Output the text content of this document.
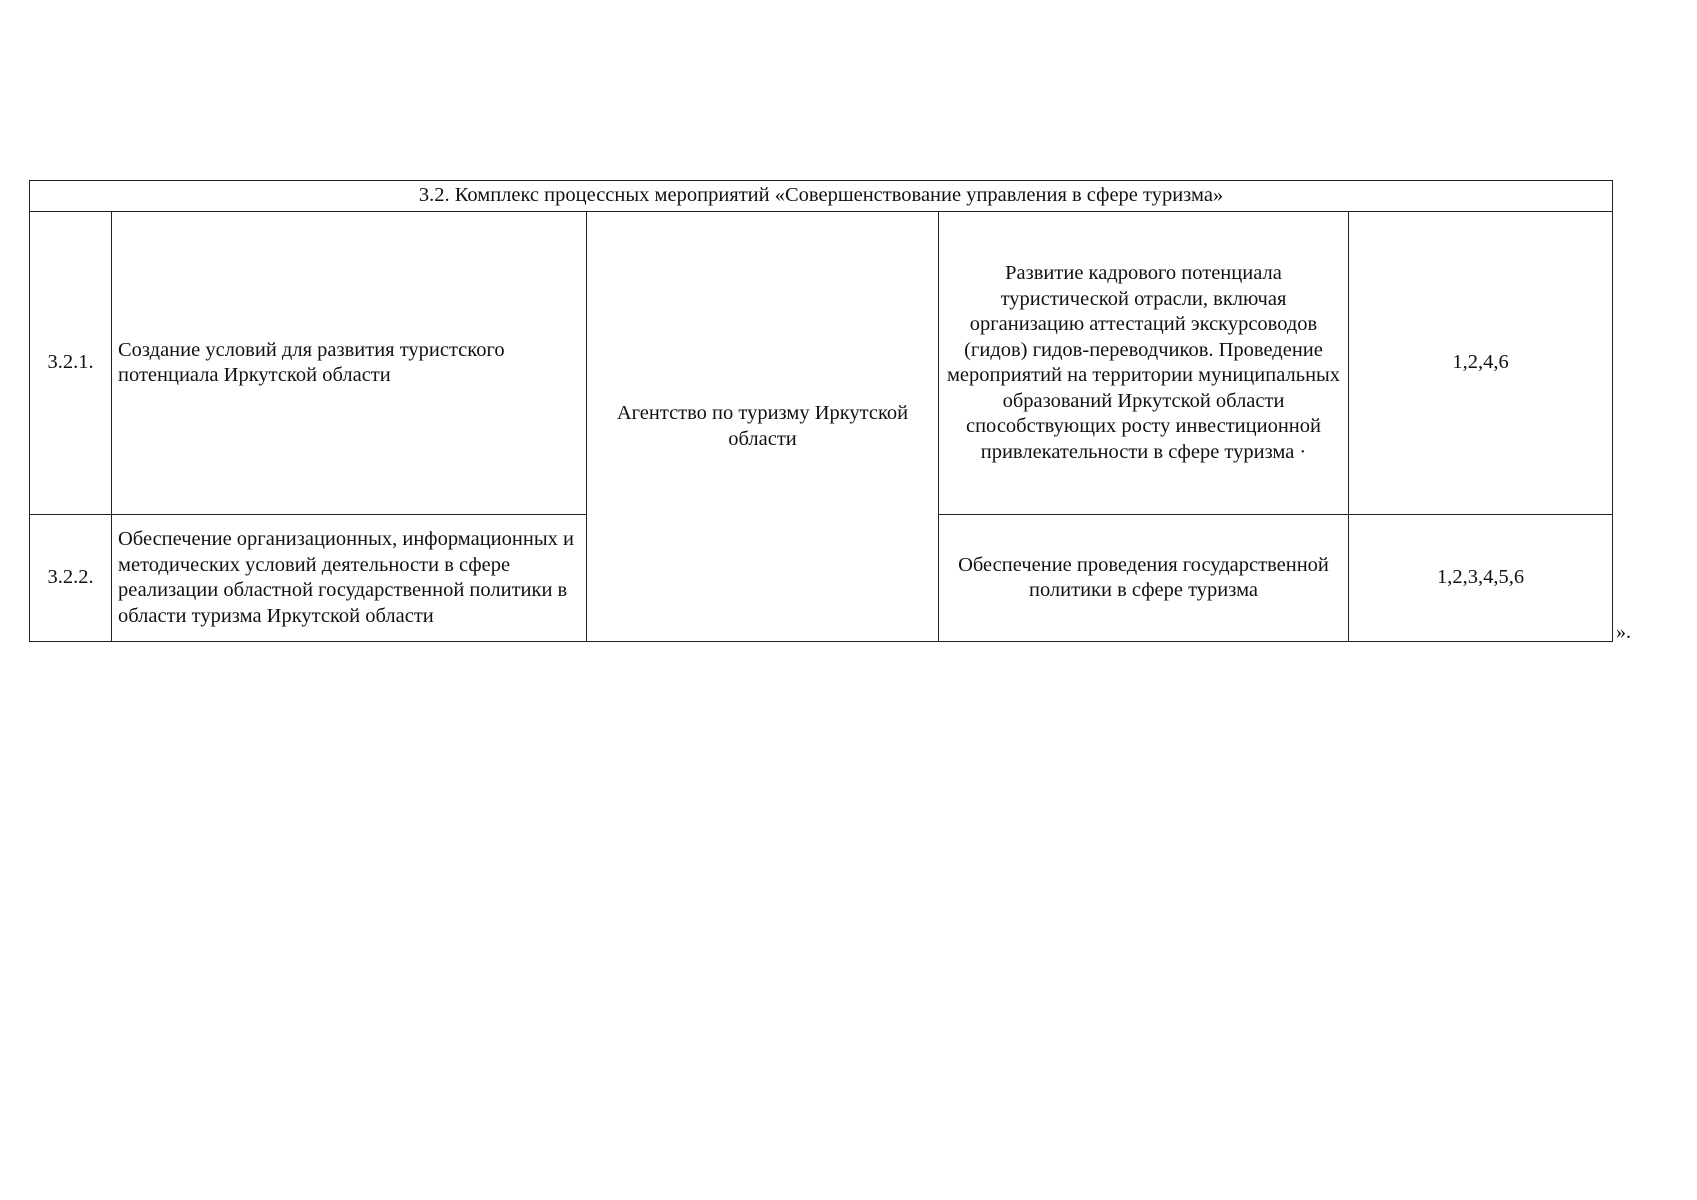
3.2. Комплекс процессных мероприятий «Совершенствование управления в сфере туризма»				
3.2.1.	Создание условий для развития туристского потенциала Иркутской области	Агентство по туризму Иркутской области	Развитие кадрового потенциала туристической отрасли, включая организацию аттестаций экскурсоводов (гидов) гидов-переводчиков. Проведение мероприятий на территории муниципальных образований Иркутской области способствующих росту инвестиционной привлекательности в сфере туризма ·	1,2,4,6
3.2.2.	Обеспечение организационных, информационных и методических условий деятельности в сфере реализации областной государственной политики в области туризма Иркутской области		Обеспечение проведения государственной политики в сфере туризма	1,2,3,4,5,6
».
